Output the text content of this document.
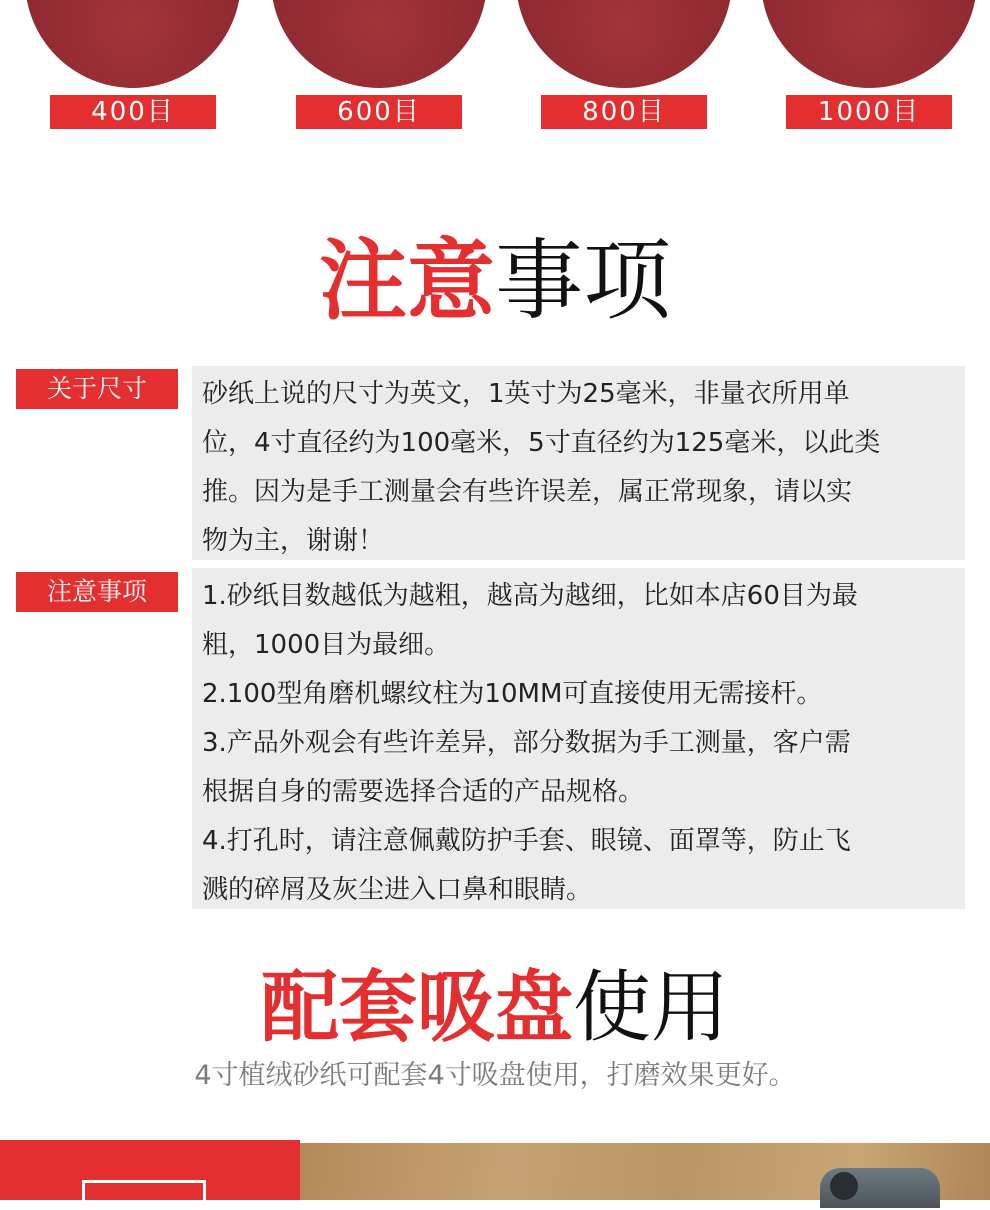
400目	600目	800目	1000目
注意事项
关于尺寸	砂纸上说的尺寸为英文，1英寸为25毫米，非量衣所用单

位，4寸直径约为100毫米，5寸直径约为125毫米，以此类

推。因为是手工测量会有些许误差，属正常现象，请以实

物为主，谢谢！

注意事项	1.砂纸目数越低为越粗，越高为越细，比如本店60目为最

粗，1000目为最细。

2.100型角磨机螺纹柱为10MM可直接使用无需接杆。

3.产品外观会有些许差异，部分数据为手工测量，客户需

根据自身的需要选择合适的产品规格。

4.打孔时，请注意佩戴防护手套、眼镜、面罩等，防止飞

溅的碎屑及灰尘进入口鼻和眼睛。

配套吸盘使用
4寸植绒砂纸可配套4寸吸盘使用，打磨效果更好。
